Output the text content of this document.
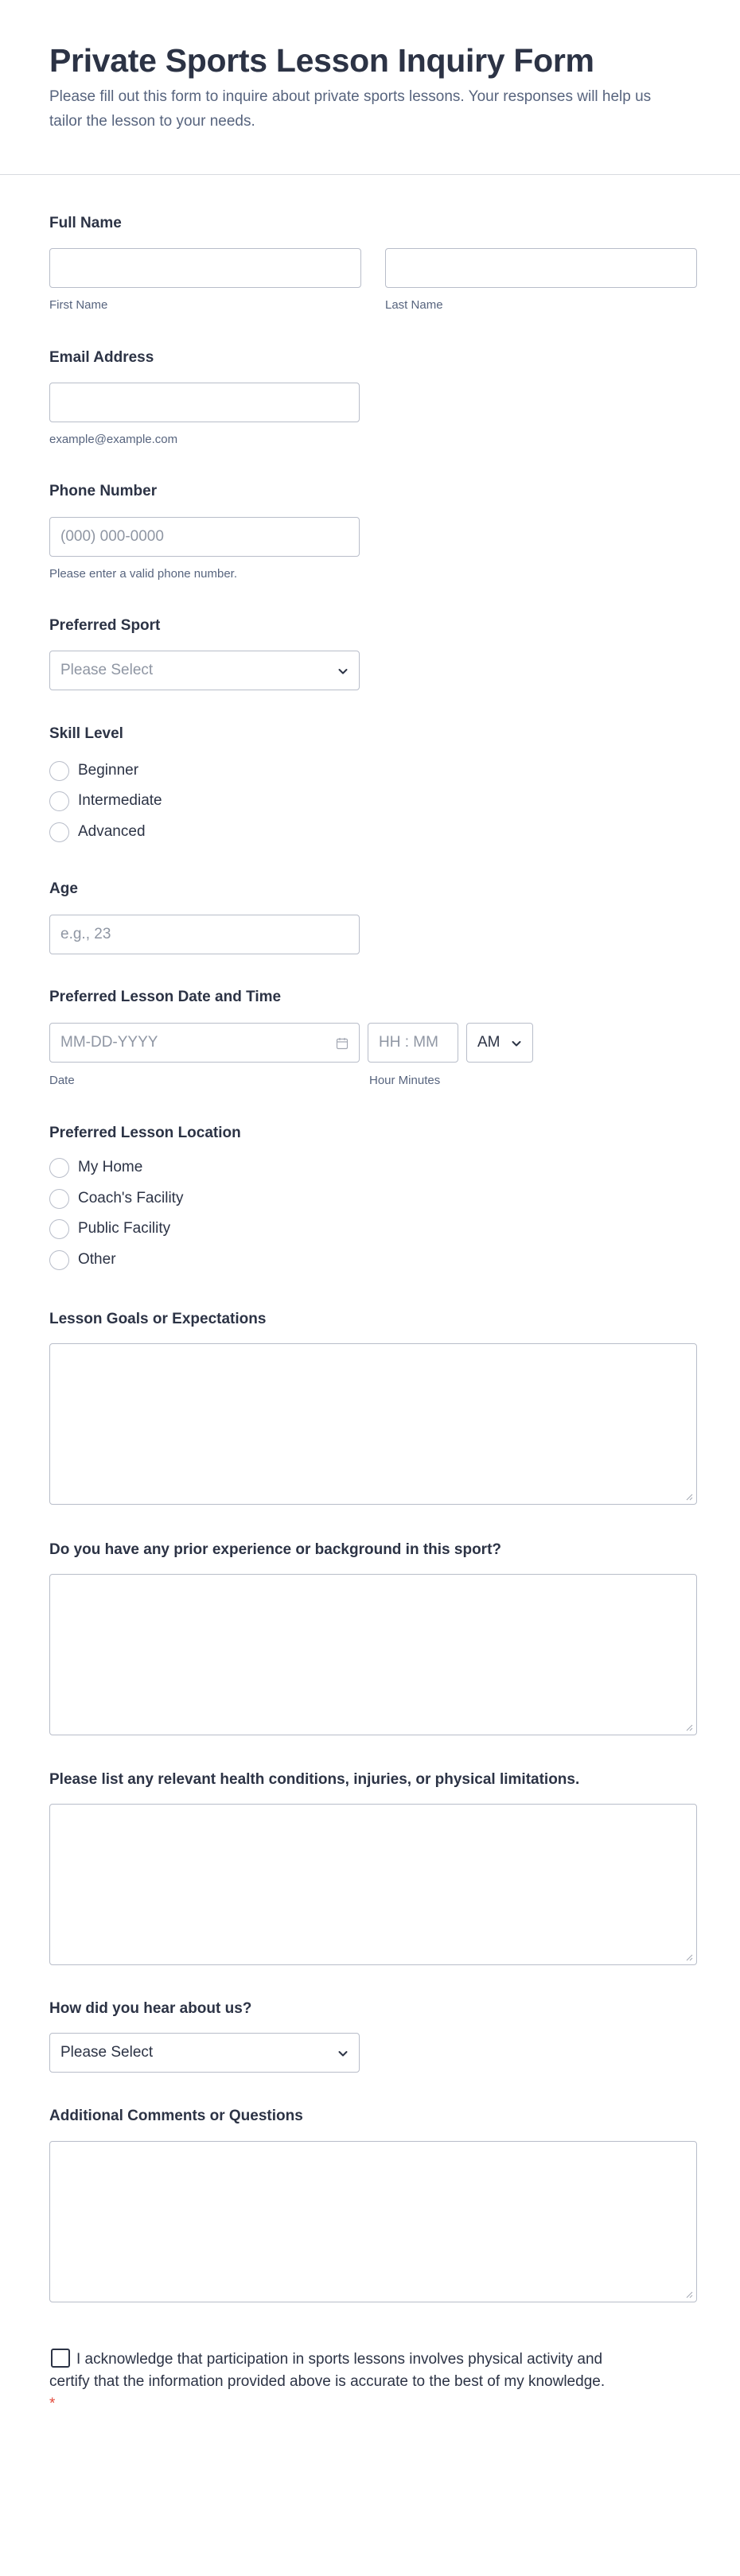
Private Sports Lesson Inquiry Form
Please fill out this form to inquire about private sports lessons. Your responses will help us tailor the lesson to your needs.
Full Name
First Name	Last Name
Email Address
example@example.com
Phone Number
(000) 000-0000
Please enter a valid phone number.
Preferred Sport
Please Select
Skill Level
Beginner
Intermediate
Advanced
Age
e.g., 23
Preferred Lesson Date and Time
MM-DD-YYYY	HH : MM	AM
Date	Hour Minutes
Preferred Lesson Location
My Home
Coach's Facility
Public Facility
Other
Lesson Goals or Expectations
Do you have any prior experience or background in this sport?
Please list any relevant health conditions, injuries, or physical limitations.
How did you hear about us?
Please Select
Additional Comments or Questions
I acknowledge that participation in sports lessons involves physical activity and certify that the information provided above is accurate to the best of my knowledge. *
